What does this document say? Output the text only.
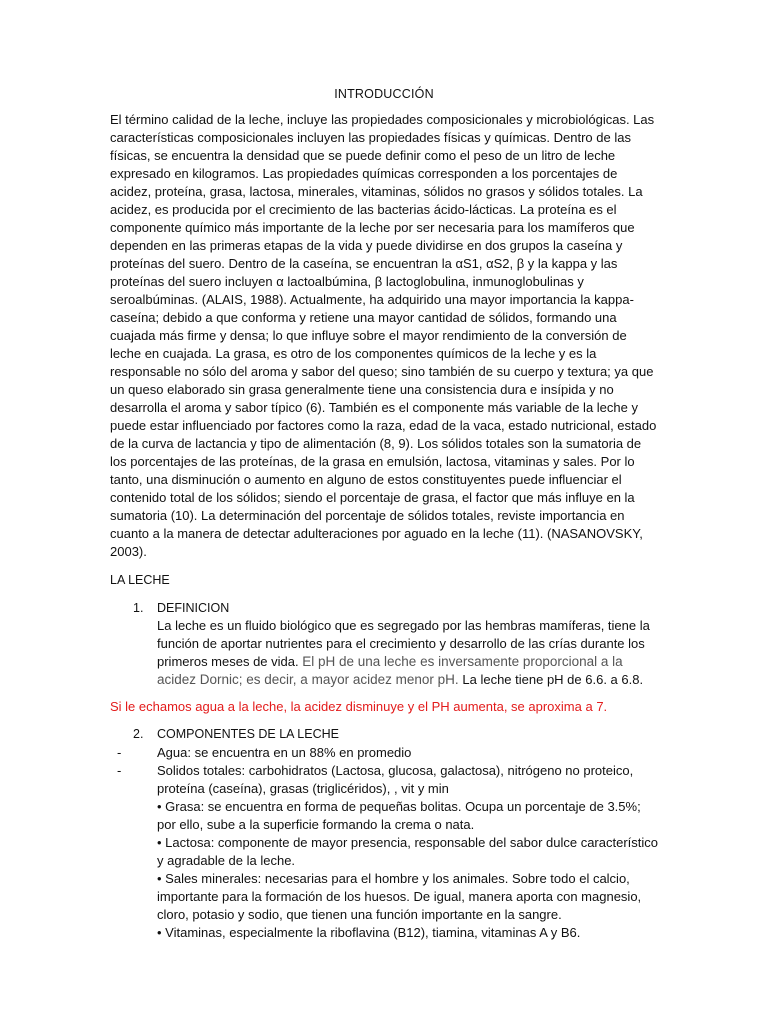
INTRODUCCIÓN

El término calidad de la leche, incluye las propiedades composicionales y microbiológicas. Las características composicionales incluyen las propiedades físicas y químicas. Dentro de las físicas, se encuentra la densidad que se puede definir como el peso de un litro de leche expresado en kilogramos. Las propiedades químicas corresponden a los porcentajes de acidez, proteína, grasa, lactosa, minerales, vitaminas, sólidos no grasos y sólidos totales. La acidez, es producida por el crecimiento de las bacterias ácido-lácticas. La proteína es el componente químico más importante de la leche por ser necesaria para los mamíferos que dependen en las primeras etapas de la vida y puede dividirse en dos grupos la caseína y proteínas del suero. Dentro de la caseína, se encuentran la αS1, αS2, β y la kappa y las proteínas del suero incluyen α lactoalbúmina, β lactoglobulina, inmunoglobulinas y seroalbúminas. (ALAIS, 1988). Actualmente, ha adquirido una mayor importancia la kappa-caseína; debido a que conforma y retiene una mayor cantidad de sólidos, formando una cuajada más firme y densa; lo que influye sobre el mayor rendimiento de la conversión de leche en cuajada. La grasa, es otro de los componentes químicos de la leche y es la responsable no sólo del aroma y sabor del queso; sino también de su cuerpo y textura; ya que un queso elaborado sin grasa generalmente tiene una consistencia dura e insípida y no desarrolla el aroma y sabor típico (6). También es el componente más variable de la leche y puede estar influenciado por factores como la raza, edad de la vaca, estado nutricional, estado de la curva de lactancia y tipo de alimentación (8, 9). Los sólidos totales son la sumatoria de los porcentajes de las proteínas, de la grasa en emulsión, lactosa, vitaminas y sales. Por lo tanto, una disminución o aumento en alguno de estos constituyentes puede influenciar el contenido total de los sólidos; siendo el porcentaje de grasa, el factor que más influye en la sumatoria (10). La determinación del porcentaje de sólidos totales, reviste importancia en cuanto a la manera de detectar adulteraciones por aguado en la leche (11). (NASANOVSKY, 2003).

LA LECHE
1. DEFINICION

La leche es un fluido biológico que es segregado por las hembras mamíferas, tiene la función de aportar nutrientes para el crecimiento y desarrollo de las crías durante los primeros meses de vida. El pH de una leche es inversamente proporcional a la acidez Dornic; es decir, a mayor acidez menor pH. La leche tiene pH de 6.6. a 6.8.

Si le echamos agua a la leche, la acidez disminuye y el PH aumenta, se aproxima a 7.
2. COMPONENTES DE LA LECHE
-	Agua: se encuentra en un 88% en promedio
-	Solidos totales: carbohidratos (Lactosa, glucosa, galactosa), nitrógeno no proteico, proteína (caseína), grasas (triglicéridos), , vit y min
• Grasa: se encuentra en forma de pequeñas bolitas. Ocupa un porcentaje de 3.5%; por ello, sube a la superficie formando la crema o nata.
• Lactosa: componente de mayor presencia, responsable del sabor dulce característico y agradable de la leche.
• Sales minerales: necesarias para el hombre y los animales. Sobre todo el calcio, importante para la formación de los huesos. De igual, manera aporta con magnesio, cloro, potasio y sodio, que tienen una función importante en la sangre.
• Vitaminas, especialmente la riboflavina (B12), tiamina, vitaminas A y B6.
